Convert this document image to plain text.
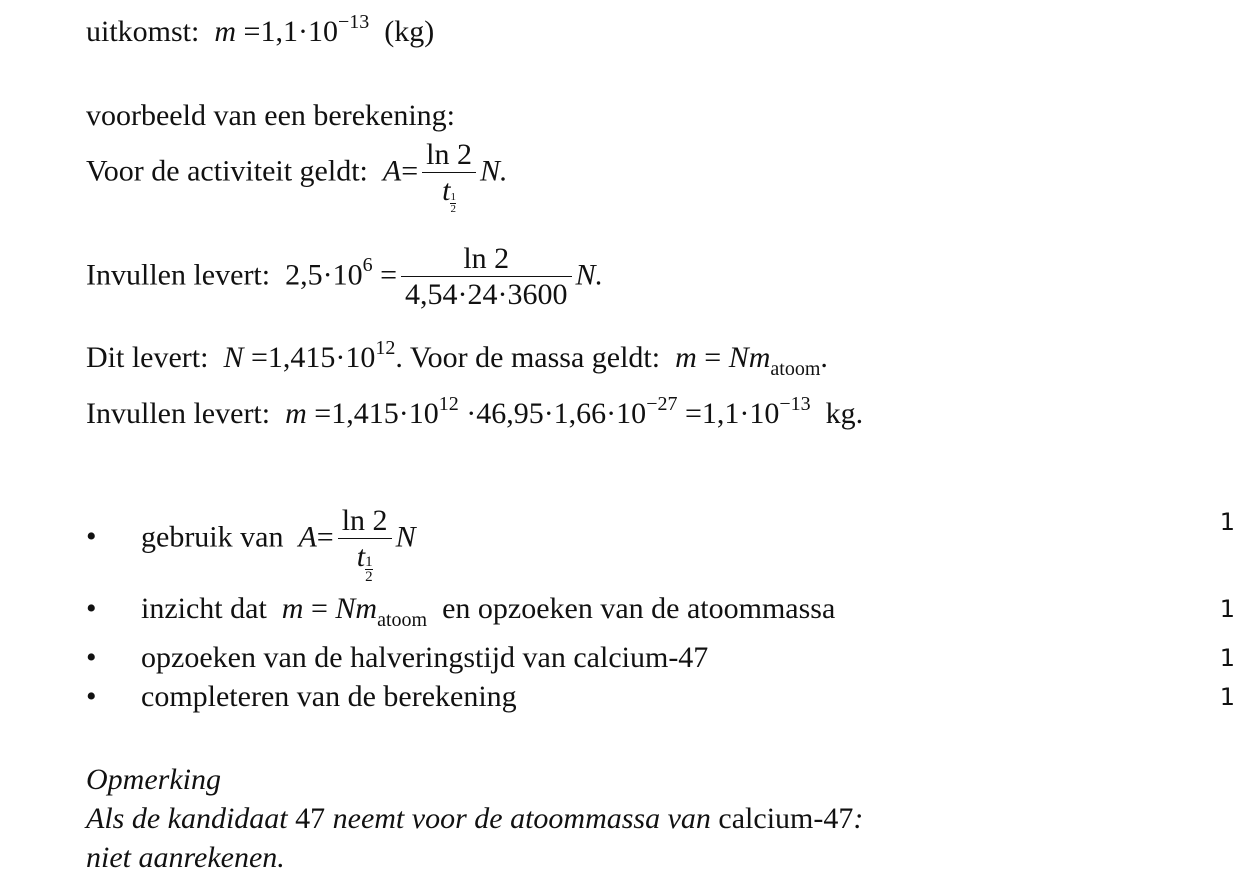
uitkomst: $m =1,1\cdot 10^{-13}$ (kg)
voorbeeld van een berekening:
Voor de activiteit geldt: $A= \frac{\ln 2}{t \frac{1}{2}} N$.
Invullen levert: $2,5\cdot 10^6 = \frac{\ln 2}{4,54\cdot 24\cdot 3600} N$.
Dit levert: $N =1,415\cdot 10^{12}$. Voor de massa geldt: $m = Nm_{atoom}$.
Invullen levert: $m =1,415\cdot 10^{12} \cdot 46,95\cdot 1,66\cdot 10^{-27} =1,1\cdot 10^{-13}$ kg.
• gebruik van $A= \frac{\ln 2}{t \frac{1}{2}}$ N	1
• inzicht dat $m = Nm_{atoom}$ en opzoeken van de atoommassa	1
• opzoeken van de halveringstijd van calcium-47	1
• completeren van de berekening	1
Opmerking
Als de kandidaat 47 neemt voor de atoommassa van calcium-47:
niet aanrekenen.
